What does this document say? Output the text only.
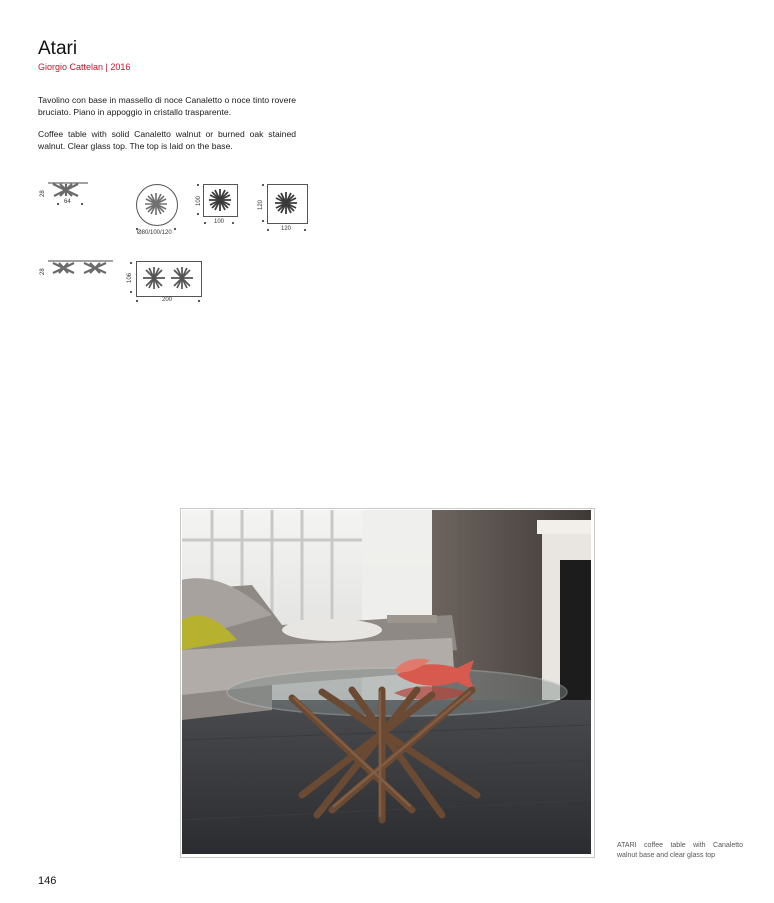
Atari
Giorgio Cattelan | 2016

Tavolino con base in massello di noce Canaletto o noce tinto rovere bruciato. Piano in appoggio in cristallo trasparente.

Coffee table with solid Canaletto walnut or burned oak stained walnut. Clear glass top. The top is laid on the base.

28
64
Ø80/100/120
100
100
120
120
28
106
200

ATARI coffee table with Canaletto walnut base and clear glass top

146
